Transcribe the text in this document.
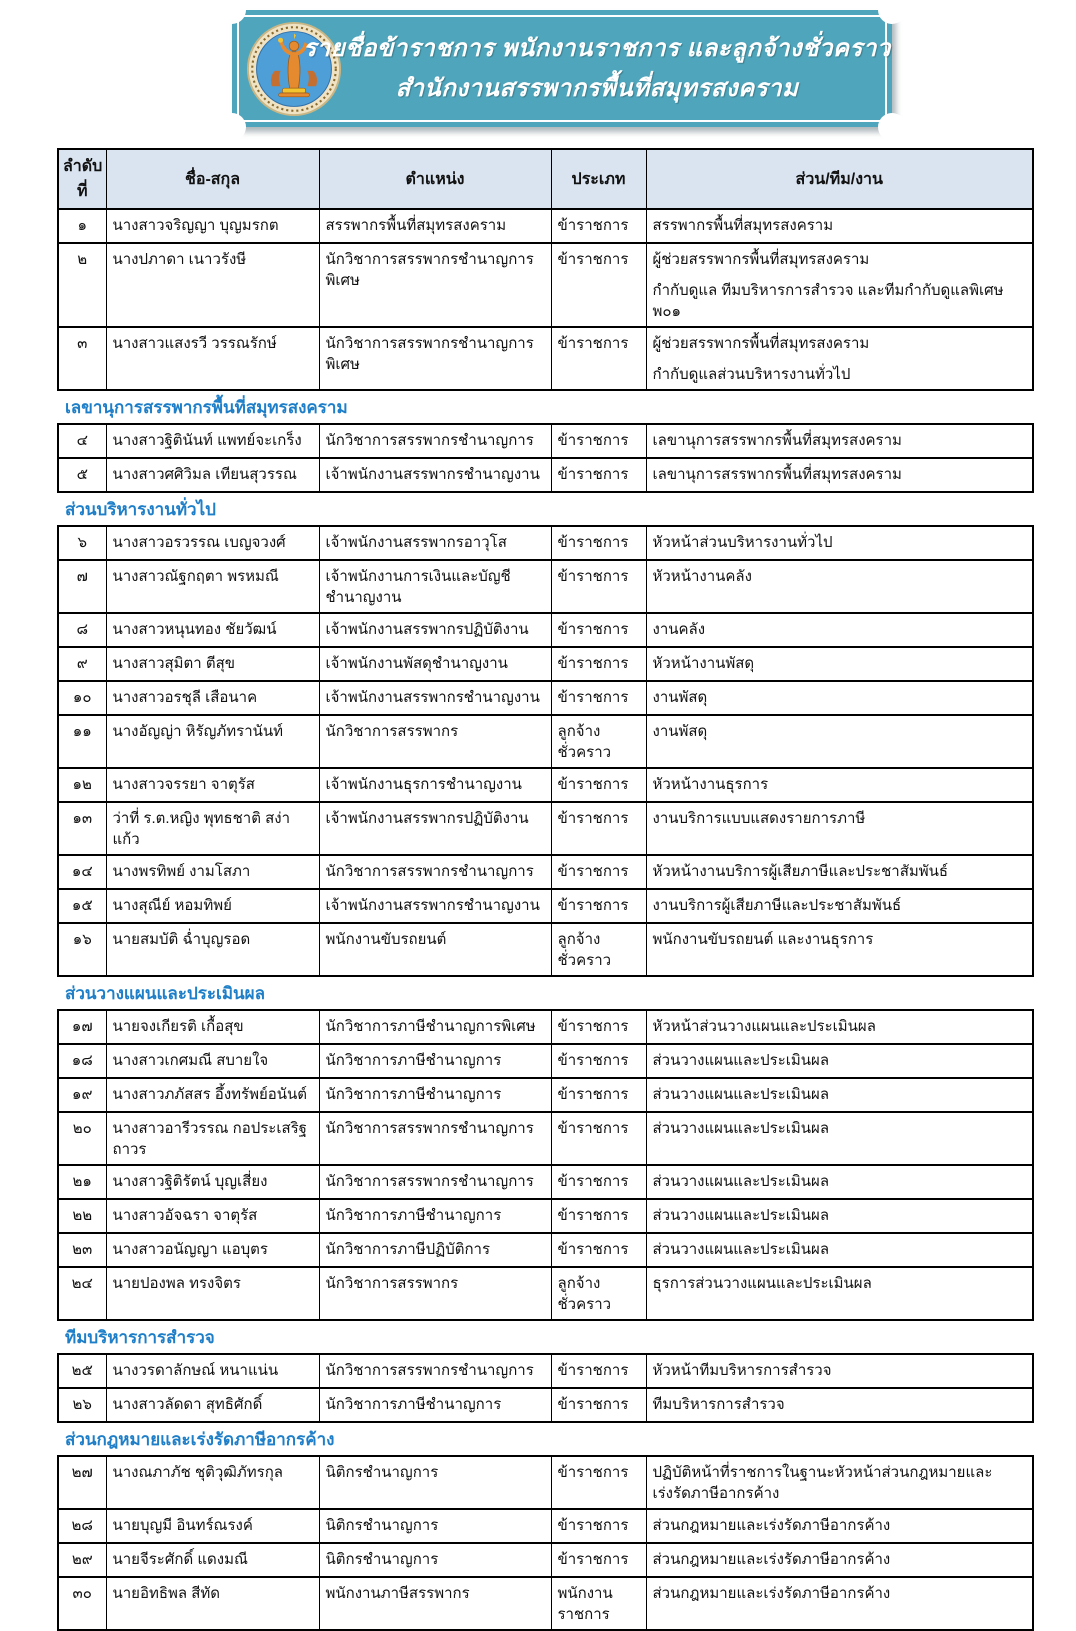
รายชื่อข้าราชการ พนักงานราชการ และลูกจ้างชั่วคราว
สำนักงานสรรพากรพื้นที่สมุทรสงคราม
ลำดับที่	ชื่อ-สกุล	ตำแหน่ง	ประเภท	ส่วน/ทีม/งาน
๑	นางสาวจริญญา บุญมรกต	สรรพากรพื้นที่สมุทรสงคราม	ข้าราชการ	สรรพากรพื้นที่สมุทรสงคราม

๒	นางปภาดา เนาวรังษี	นักวิชาการสรรพากรชำนาญการพิเศษ	ข้าราชการ	ผู้ช่วยสรรพากรพื้นที่สมุทรสงคราม
กำกับดูแล ทีมบริหารการสำรวจ และทีมกำกับดูแลพิเศษ พ๐๑

๓	นางสาวแสงรวี วรรณรักษ์	นักวิชาการสรรพากรชำนาญการพิเศษ	ข้าราชการ	ผู้ช่วยสรรพากรพื้นที่สมุทรสงคราม
กำกับดูแลส่วนบริหารงานทั่วไป
เลขานุการสรรพากรพื้นที่สมุทรสงคราม
๔	นางสาวฐิตินันท์ แพทย์จะเกร็ง	นักวิชาการสรรพากรชำนาญการ	ข้าราชการ	เลขานุการสรรพากรพื้นที่สมุทรสงคราม

๕	นางสาวศศิวิมล เทียนสุวรรณ	เจ้าพนักงานสรรพากรชำนาญงาน	ข้าราชการ	เลขานุการสรรพากรพื้นที่สมุทรสงคราม
ส่วนบริหารงานทั่วไป
๖	นางสาวอรวรรณ เบญจวงศ์	เจ้าพนักงานสรรพากรอาวุโส	ข้าราชการ	หัวหน้าส่วนบริหารงานทั่วไป

๗	นางสาวณัฐกฤตา พรหมณี	เจ้าพนักงานการเงินและบัญชีชำนาญงาน	ข้าราชการ	หัวหน้างานคลัง

๘	นางสาวหนุนทอง ชัยวัฒน์	เจ้าพนักงานสรรพากรปฏิบัติงาน	ข้าราชการ	งานคลัง

๙	นางสาวสุมิตา ตีสุข	เจ้าพนักงานพัสดุชำนาญงาน	ข้าราชการ	หัวหน้างานพัสดุ

๑๐	นางสาวอรชุลี เสือนาค	เจ้าพนักงานสรรพากรชำนาญงาน	ข้าราชการ	งานพัสดุ

๑๑	นางอัญญ่า หิรัญภัทรานันท์	นักวิชาการสรรพากร	ลูกจ้างชั่วคราว	งานพัสดุ

๑๒	นางสาวจรรยา จาตุรัส	เจ้าพนักงานธุรการชำนาญงาน	ข้าราชการ	หัวหน้างานธุรการ

๑๓	ว่าที่ ร.ต.หญิง พุทธชาติ สง่าแก้ว	เจ้าพนักงานสรรพากรปฏิบัติงาน	ข้าราชการ	งานบริการแบบแสดงรายการภาษี

๑๔	นางพรทิพย์ งามโสภา	นักวิชาการสรรพากรชำนาญการ	ข้าราชการ	หัวหน้างานบริการผู้เสียภาษีและประชาสัมพันธ์

๑๕	นางสุณีย์ หอมทิพย์	เจ้าพนักงานสรรพากรชำนาญงาน	ข้าราชการ	งานบริการผู้เสียภาษีและประชาสัมพันธ์

๑๖	นายสมบัติ ฉ่ำบุญรอด	พนักงานขับรถยนต์	ลูกจ้างชั่วคราว	พนักงานขับรถยนต์ และงานธุรการ
ส่วนวางแผนและประเมินผล
๑๗	นายจงเกียรติ เกื้อสุข	นักวิชาการภาษีชำนาญการพิเศษ	ข้าราชการ	หัวหน้าส่วนวางแผนและประเมินผล

๑๘	นางสาวเกศมณี สบายใจ	นักวิชาการภาษีชำนาญการ	ข้าราชการ	ส่วนวางแผนและประเมินผล

๑๙	นางสาวภภัสสร อึ้งทรัพย์อนันต์	นักวิชาการภาษีชำนาญการ	ข้าราชการ	ส่วนวางแผนและประเมินผล

๒๐	นางสาวอารีวรรณ กอประเสริฐถาวร	นักวิชาการสรรพากรชำนาญการ	ข้าราชการ	ส่วนวางแผนและประเมินผล

๒๑	นางสาวฐิติรัตน์ บุญเสี่ยง	นักวิชาการสรรพากรชำนาญการ	ข้าราชการ	ส่วนวางแผนและประเมินผล

๒๒	นางสาวอัจฉรา จาตุรัส	นักวิชาการภาษีชำนาญการ	ข้าราชการ	ส่วนวางแผนและประเมินผล

๒๓	นางสาวอนัญญา แอบุตร	นักวิชาการภาษีปฏิบัติการ	ข้าราชการ	ส่วนวางแผนและประเมินผล

๒๔	นายปองพล ทรงจิตร	นักวิชาการสรรพากร	ลูกจ้างชั่วคราว	ธุรการส่วนวางแผนและประเมินผล
ทีมบริหารการสำรวจ
๒๕	นางวรดาลักษณ์ หนาแน่น	นักวิชาการสรรพากรชำนาญการ	ข้าราชการ	หัวหน้าทีมบริหารการสำรวจ

๒๖	นางสาวลัดดา สุทธิศักดิ์	นักวิชาการภาษีชำนาญการ	ข้าราชการ	ทีมบริหารการสำรวจ
ส่วนกฎหมายและเร่งรัดภาษีอากรค้าง
๒๗	นางณภาภัช ชุติวุฒิภัทรกุล	นิติกรชำนาญการ	ข้าราชการ	ปฏิบัติหน้าที่ราชการในฐานะหัวหน้าส่วนกฎหมายและเร่งรัดภาษีอากรค้าง

๒๘	นายบุญมี อินทร์ณรงค์	นิติกรชำนาญการ	ข้าราชการ	ส่วนกฎหมายและเร่งรัดภาษีอากรค้าง

๒๙	นายจีระศักดิ์ แดงมณี	นิติกรชำนาญการ	ข้าราชการ	ส่วนกฎหมายและเร่งรัดภาษีอากรค้าง

๓๐	นายอิทธิพล สีทัด	พนักงานภาษีสรรพากร	พนักงานราชการ	ส่วนกฎหมายและเร่งรัดภาษีอากรค้าง
